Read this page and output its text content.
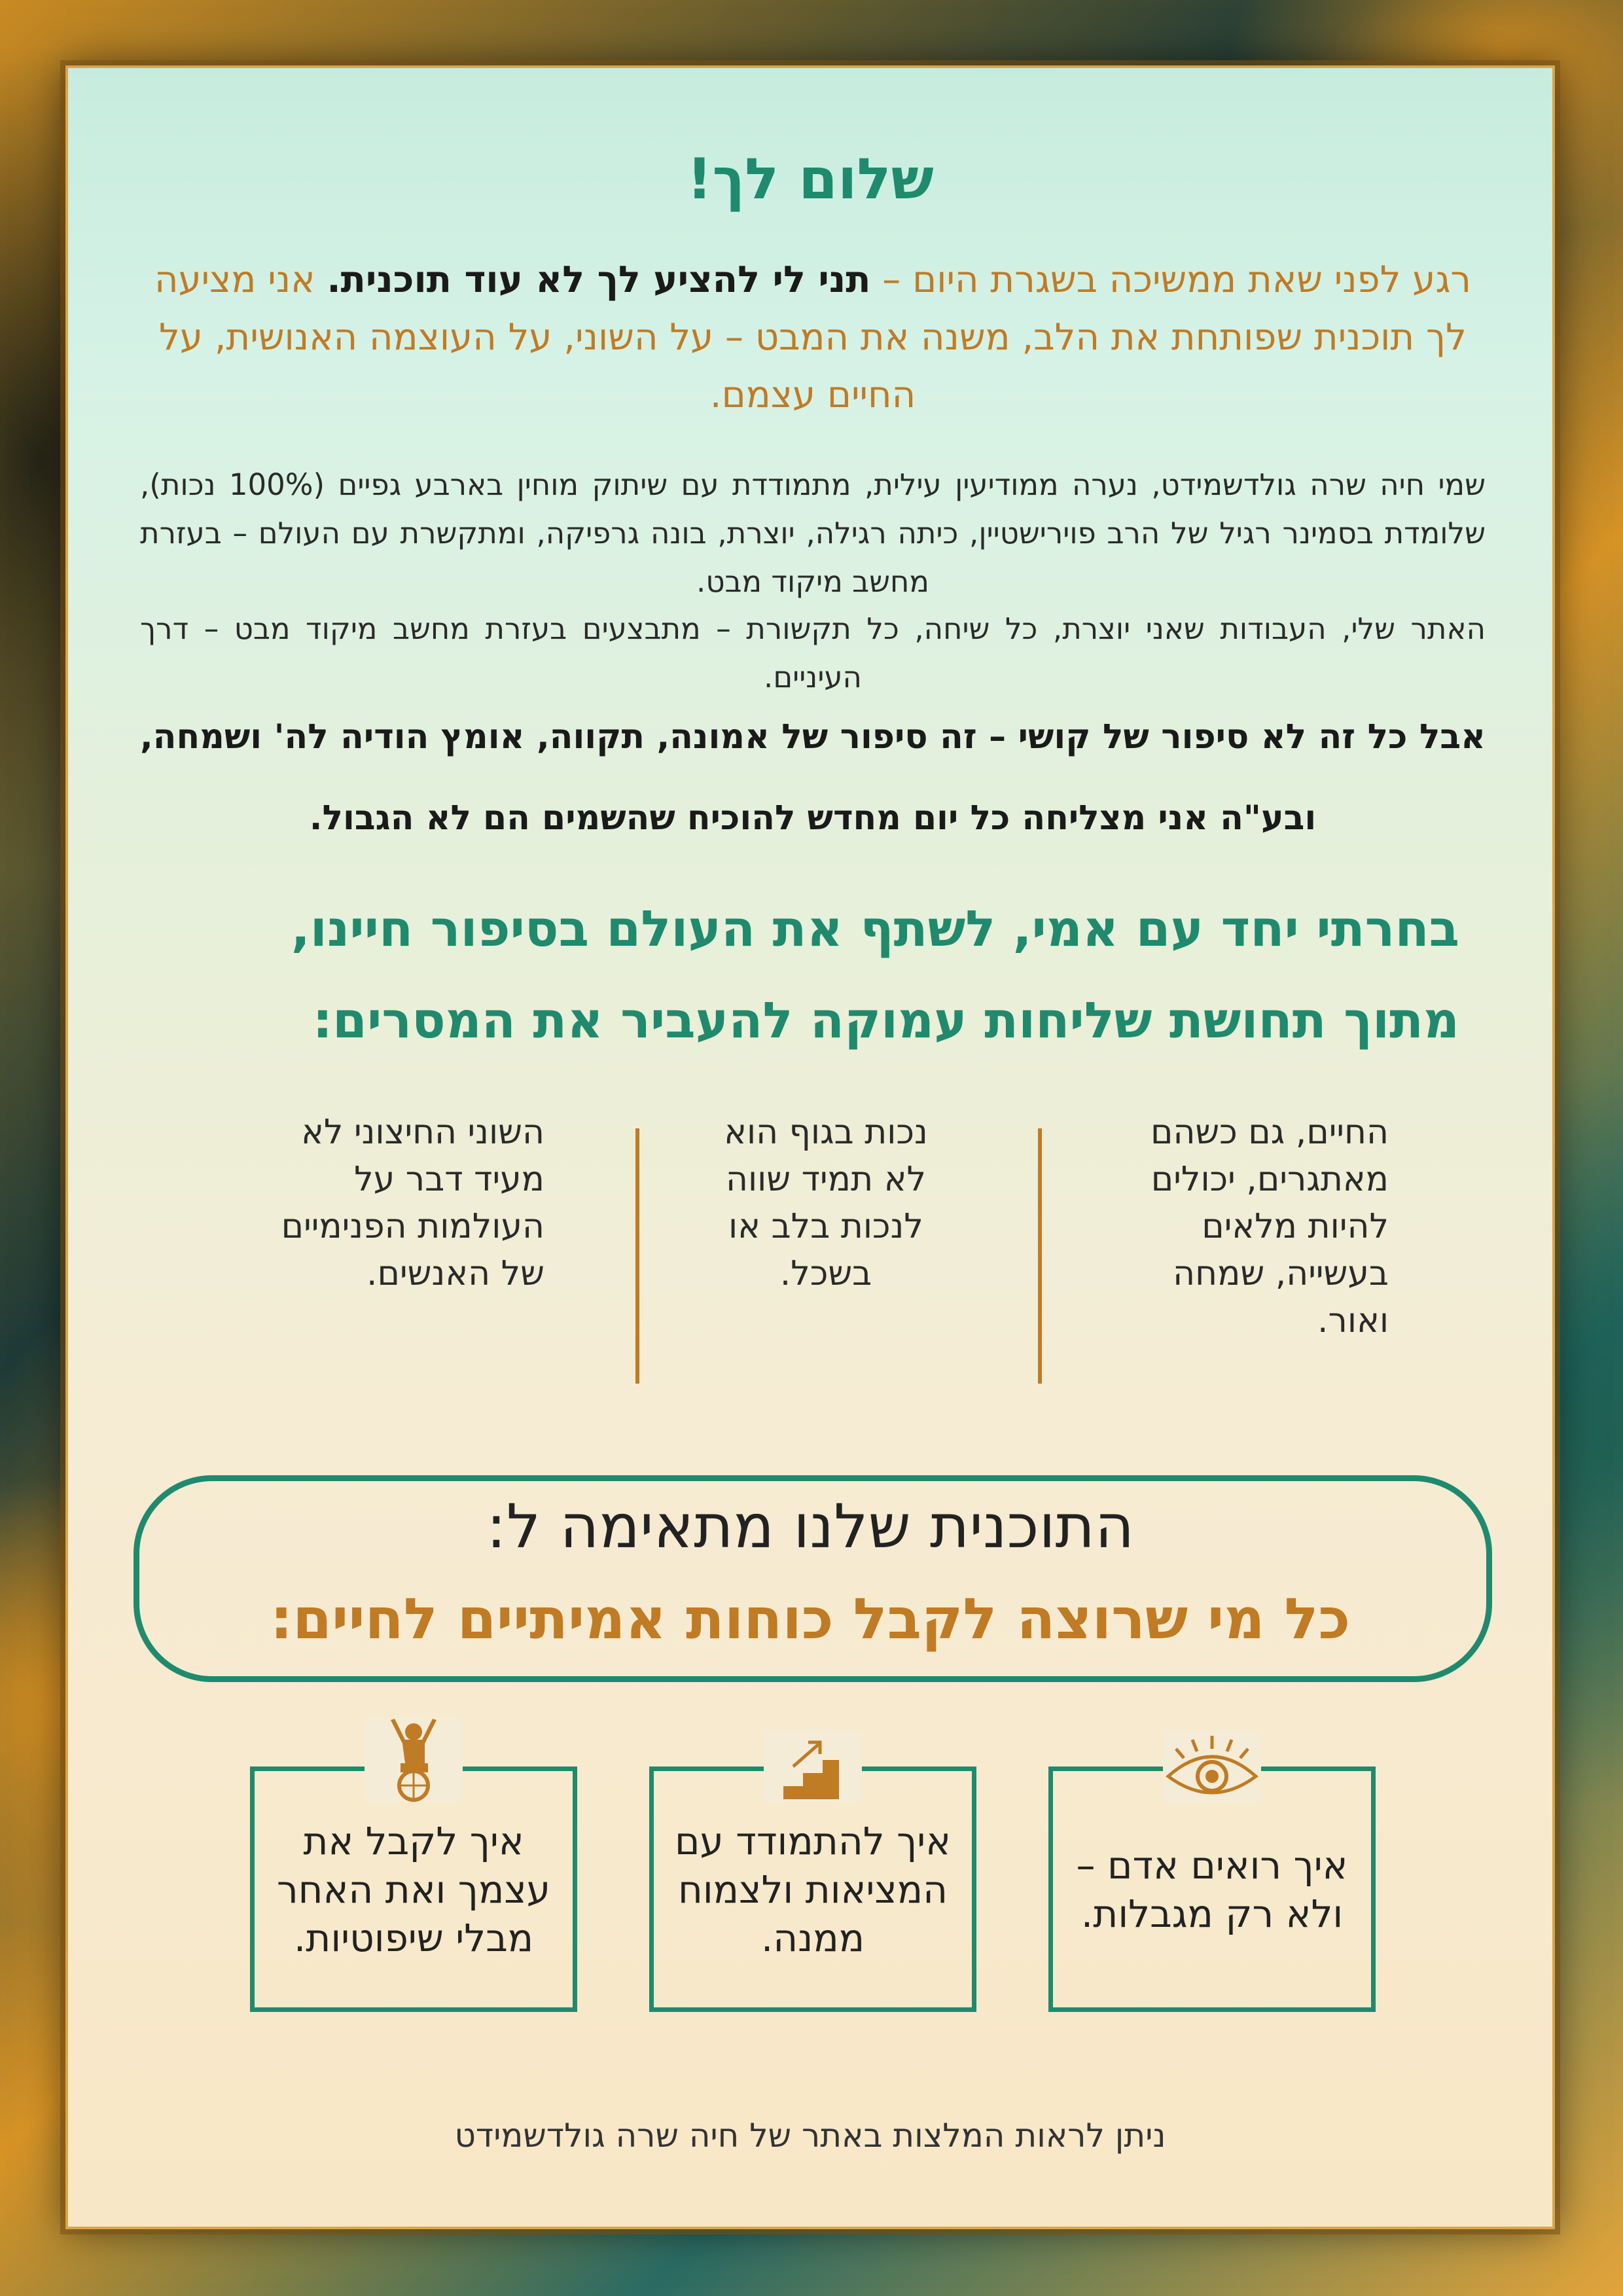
שלום לך!
רגע לפני שאת ממשיכה בשגרת היום – תני לי להציע לך לא עוד תוכנית. אני מציעה לך תוכנית שפותחת את הלב, משנה את המבט – על השוני, על העוצמה האנושית, על החיים עצמם.
שמי חיה שרה גולדשמידט, נערה ממודיעין עילית, מתמודדת עם שיתוק מוחין בארבע גפיים (100% נכות), שלומדת בסמינר רגיל של הרב פוירישטיין, כיתה רגילה, יוצרת, בונה גרפיקה, ומתקשרת עם העולם – בעזרת מחשב מיקוד מבט.
האתר שלי, העבודות שאני יוצרת, כל שיחה, כל תקשורת – מתבצעים בעזרת מחשב מיקוד מבט – דרך העיניים.
אבל כל זה לא סיפור של קושי – זה סיפור של אמונה, תקווה, אומץ הודיה לה' ושמחה, ובע"ה אני מצליחה כל יום מחדש להוכיח שהשמים הם לא הגבול.
בחרתי יחד עם אמי, לשתף את העולם בסיפור חיינו,
מתוך תחושת שליחות עמוקה להעביר את המסרים:
החיים, גם כשהם מאתגרים, יכולים להיות מלאים בעשייה, שמחה ואור.
נכות בגוף הוא לא תמיד שווה לנכות בלב או בשכל.
השוני החיצוני לא מעיד דבר על העולמות הפנימיים של האנשים.
התוכנית שלנו מתאימה ל:
כל מי שרוצה לקבל כוחות אמיתיים לחיים:
איך רואים אדם – ולא רק מגבלות.
איך להתמודד עם המציאות ולצמוח ממנה.
איך לקבל את עצמך ואת האחר מבלי שיפוטיות.
ניתן לראות המלצות באתר של חיה שרה גולדשמידט
